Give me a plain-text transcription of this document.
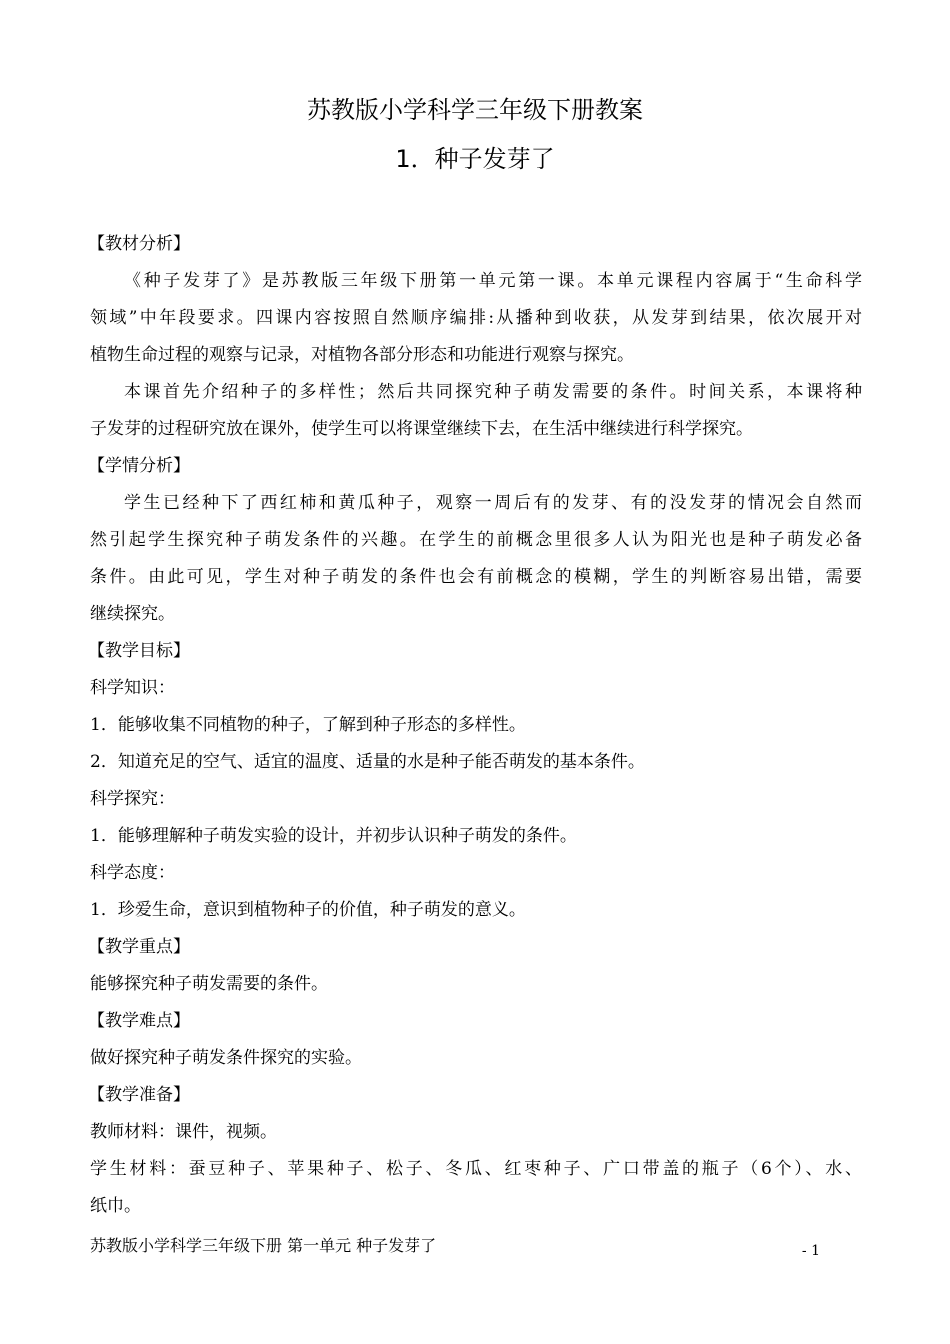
苏教版小学科学三年级下册教案
1．种子发芽了
【教材分析】
《种子发芽了》是苏教版三年级下册第一单元第一课。本单元课程内容属于“生命科学
领域”中年段要求。四课内容按照自然顺序编排:从播种到收获，从发芽到结果，依次展开对
植物生命过程的观察与记录，对植物各部分形态和功能进行观察与探究。
本课首先介绍种子的多样性；然后共同探究种子萌发需要的条件。时间关系，本课将种
子发芽的过程研究放在课外，使学生可以将课堂继续下去，在生活中继续进行科学探究。
【学情分析】
学生已经种下了西红柿和黄瓜种子，观察一周后有的发芽、有的没发芽的情况会自然而
然引起学生探究种子萌发条件的兴趣。在学生的前概念里很多人认为阳光也是种子萌发必备
条件。由此可见，学生对种子萌发的条件也会有前概念的模糊，学生的判断容易出错，需要
继续探究。
【教学目标】
科学知识：
1．能够收集不同植物的种子，了解到种子形态的多样性。
2．知道充足的空气、适宜的温度、适量的水是种子能否萌发的基本条件。
科学探究：
1．能够理解种子萌发实验的设计，并初步认识种子萌发的条件。
科学态度：
1．珍爱生命，意识到植物种子的价值，种子萌发的意义。
【教学重点】
能够探究种子萌发需要的条件。
【教学难点】
做好探究种子萌发条件探究的实验。
【教学准备】
教师材料：课件，视频。
学生材料：蚕豆种子、苹果种子、松子、冬瓜、红枣种子、广口带盖的瓶子（6个）、水、
纸巾。
苏教版小学科学三年级下册 第一单元 种子发芽了	- 1
